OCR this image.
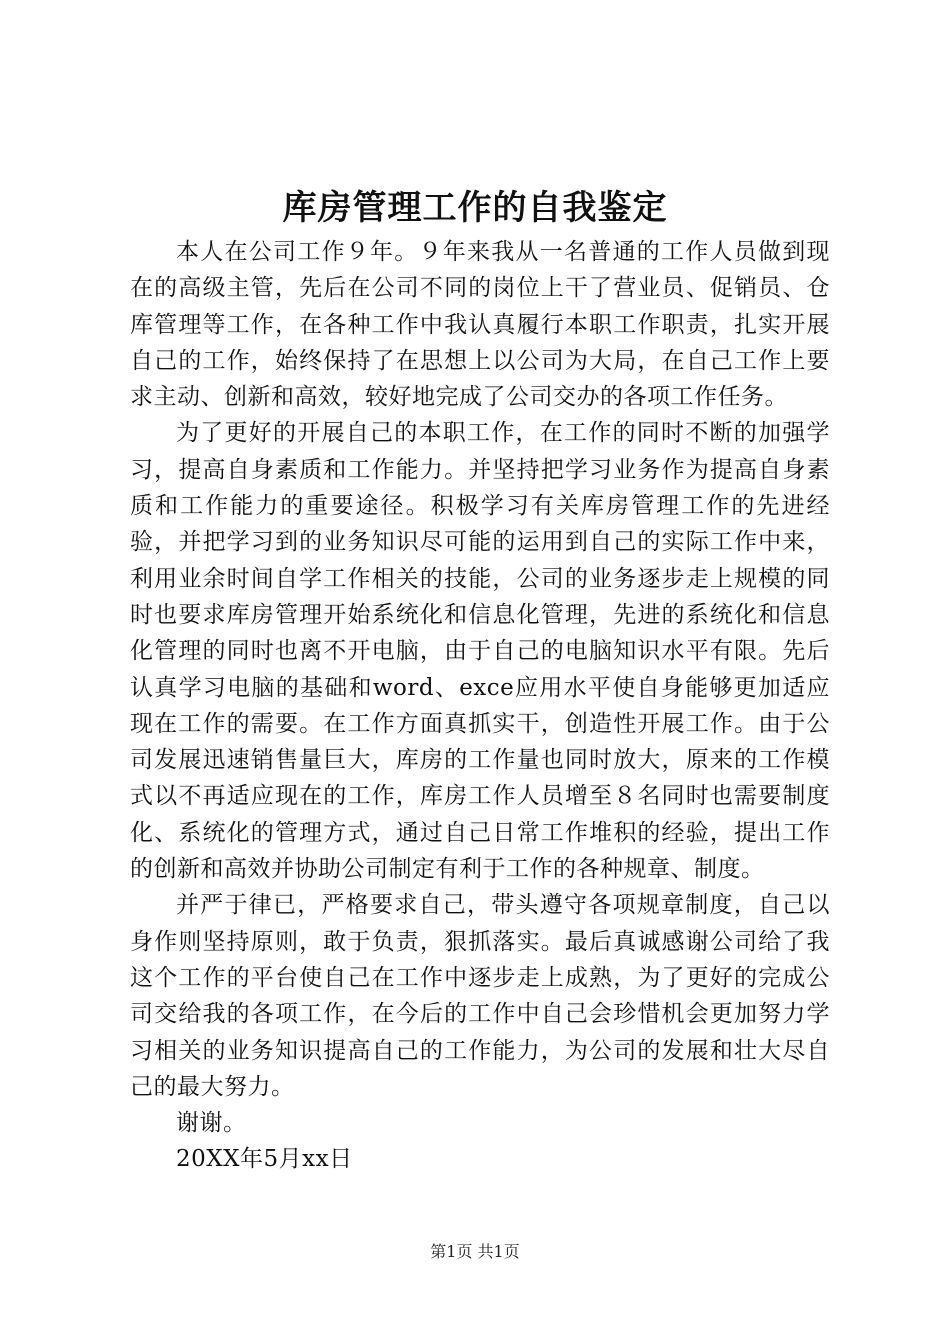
库房管理工作的自我鉴定

本人在公司工作９年。９年来我从一名普通的工作人员做到现在的高级主管，先后在公司不同的岗位上干了营业员、促销员、仓库管理等工作，在各种工作中我认真履行本职工作职责，扎实开展自己的工作，始终保持了在思想上以公司为大局，在自己工作上要求主动、创新和高效，较好地完成了公司交办的各项工作任务。

为了更好的开展自己的本职工作，在工作的同时不断的加强学习，提高自身素质和工作能力。并坚持把学习业务作为提高自身素质和工作能力的重要途径。积极学习有关库房管理工作的先进经验，并把学习到的业务知识尽可能的运用到自己的实际工作中来，利用业余时间自学工作相关的技能，公司的业务逐步走上规模的同时也要求库房管理开始系统化和信息化管理，先进的系统化和信息化管理的同时也离不开电脑，由于自己的电脑知识水平有限。先后认真学习电脑的基础和word、exce应用水平使自身能够更加适应现在工作的需要。在工作方面真抓实干，创造性开展工作。由于公司发展迅速销售量巨大，库房的工作量也同时放大，原来的工作模式以不再适应现在的工作，库房工作人员增至８名同时也需要制度化、系统化的管理方式，通过自己日常工作堆积的经验，提出工作的创新和高效并协助公司制定有利于工作的各种规章、制度。

并严于律已，严格要求自己，带头遵守各项规章制度，自己以身作则坚持原则，敢于负责，狠抓落实。最后真诚感谢公司给了我这个工作的平台使自己在工作中逐步走上成熟，为了更好的完成公司交给我的各项工作，在今后的工作中自己会珍惜机会更加努力学习相关的业务知识提高自己的工作能力，为公司的发展和壮大尽自己的最大努力。

谢谢。

20XX年5月xx日

第1页 共1页
